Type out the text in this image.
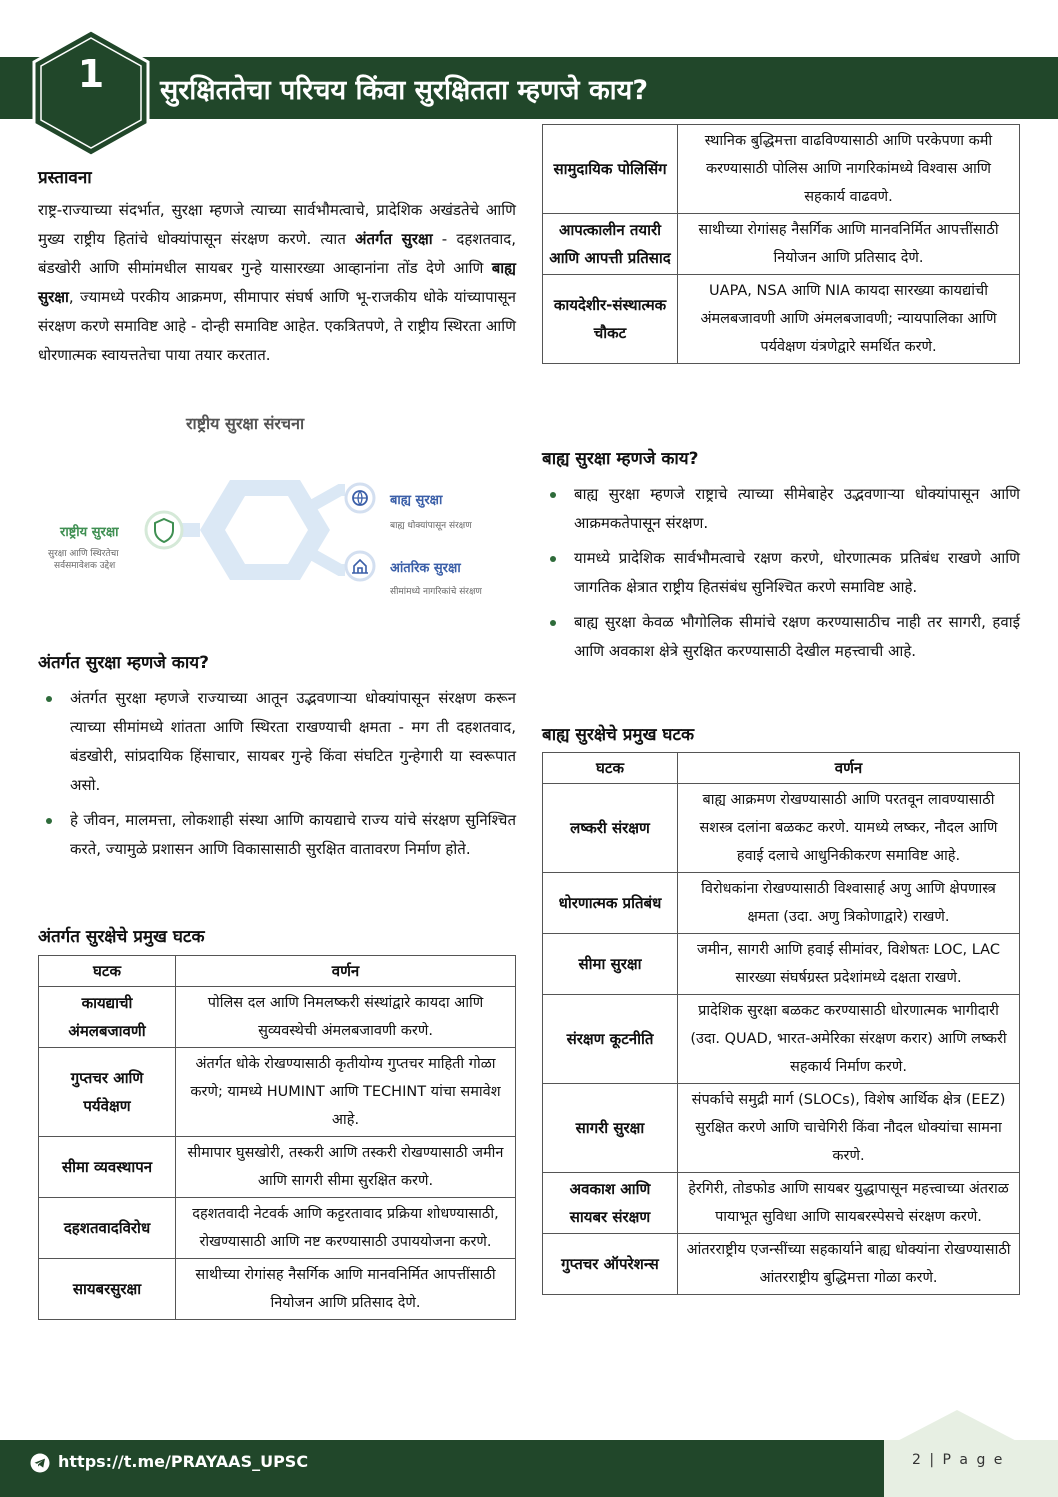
1	सुरक्षिततेचा परिचय किंवा सुरक्षितता म्हणजे काय?
प्रस्तावना
राष्ट्र-राज्याच्या संदर्भात, सुरक्षा म्हणजे त्याच्या सार्वभौमत्वाचे, प्रादेशिक अखंडतेचे आणि मुख्य राष्ट्रीय हितांचे धोक्यांपासून संरक्षण करणे. त्यात अंतर्गत सुरक्षा - दहशतवाद, बंडखोरी आणि सीमांमधील सायबर गुन्हे यासारख्या आव्हानांना तोंड देणे आणि बाह्य सुरक्षा, ज्यामध्ये परकीय आक्रमण, सीमापार संघर्ष आणि भू-राजकीय धोके यांच्यापासून संरक्षण करणे समाविष्ट आहे - दोन्ही समाविष्ट आहेत. एकत्रितपणे, ते राष्ट्रीय स्थिरता आणि धोरणात्मक स्वायत्ततेचा पाया तयार करतात.
राष्ट्रीय सुरक्षा संरचना
राष्ट्रीय सुरक्षा
सुरक्षा आणि स्थिरतेचा
सर्वसमावेशक उद्देश
बाह्य सुरक्षा
बाह्य धोक्यांपासून संरक्षण
आंतरिक सुरक्षा
सीमांमध्ये नागरिकांचे संरक्षण
अंतर्गत सुरक्षा म्हणजे काय?
अंतर्गत सुरक्षा म्हणजे राज्याच्या आतून उद्भवणाऱ्या धोक्यांपासून संरक्षण करून त्याच्या सीमांमध्ये शांतता आणि स्थिरता राखण्याची क्षमता - मग ती दहशतवाद, बंडखोरी, सांप्रदायिक हिंसाचार, सायबर गुन्हे किंवा संघटित गुन्हेगारी या स्वरूपात असो.
हे जीवन, मालमत्ता, लोकशाही संस्था आणि कायद्याचे राज्य यांचे संरक्षण सुनिश्चित करते, ज्यामुळे प्रशासन आणि विकासासाठी सुरक्षित वातावरण निर्माण होते.
अंतर्गत सुरक्षेचे प्रमुख घटक
घटक	वर्णन
कायद्याची अंमलबजावणी	पोलिस दल आणि निमलष्करी संस्थांद्वारे कायदा आणि सुव्यवस्थेची अंमलबजावणी करणे.
गुप्तचर आणि पर्यवेक्षण	अंतर्गत धोके रोखण्यासाठी कृतीयोग्य गुप्तचर माहिती गोळा करणे; यामध्ये HUMINT आणि TECHINT यांचा समावेश आहे.
सीमा व्यवस्थापन	सीमापार घुसखोरी, तस्करी आणि तस्करी रोखण्यासाठी जमीन आणि सागरी सीमा सुरक्षित करणे.
दहशतवादविरोध	दहशतवादी नेटवर्क आणि कट्टरतावाद प्रक्रिया शोधण्यासाठी, रोखण्यासाठी आणि नष्ट करण्यासाठी उपाययोजना करणे.
सायबरसुरक्षा	साथीच्या रोगांसह नैसर्गिक आणि मानवनिर्मित आपत्तींसाठी नियोजन आणि प्रतिसाद देणे.
सामुदायिक पोलिसिंग	स्थानिक बुद्धिमत्ता वाढविण्यासाठी आणि परकेपणा कमी करण्यासाठी पोलिस आणि नागरिकांमध्ये विश्वास आणि सहकार्य वाढवणे.
आपत्कालीन तयारी आणि आपत्ती प्रतिसाद	साथीच्या रोगांसह नैसर्गिक आणि मानवनिर्मित आपत्तींसाठी नियोजन आणि प्रतिसाद देणे.
कायदेशीर-संस्थात्मक चौकट	UAPA, NSA आणि NIA कायदा सारख्या कायद्यांची अंमलबजावणी आणि अंमलबजावणी; न्यायपालिका आणि पर्यवेक्षण यंत्रणेद्वारे समर्थित करणे.
बाह्य सुरक्षा म्हणजे काय?
बाह्य सुरक्षा म्हणजे राष्ट्राचे त्याच्या सीमेबाहेर उद्भवणाऱ्या धोक्यांपासून आणि आक्रमकतेपासून संरक्षण.
यामध्ये प्रादेशिक सार्वभौमत्वाचे रक्षण करणे, धोरणात्मक प्रतिबंध राखणे आणि जागतिक क्षेत्रात राष्ट्रीय हितसंबंध सुनिश्चित करणे समाविष्ट आहे.
बाह्य सुरक्षा केवळ भौगोलिक सीमांचे रक्षण करण्यासाठीच नाही तर सागरी, हवाई आणि अवकाश क्षेत्रे सुरक्षित करण्यासाठी देखील महत्त्वाची आहे.
बाह्य सुरक्षेचे प्रमुख घटक
घटक	वर्णन
लष्करी संरक्षण	बाह्य आक्रमण रोखण्यासाठी आणि परतवून लावण्यासाठी सशस्त्र दलांना बळकट करणे. यामध्ये लष्कर, नौदल आणि हवाई दलाचे आधुनिकीकरण समाविष्ट आहे.
धोरणात्मक प्रतिबंध	विरोधकांना रोखण्यासाठी विश्वासार्ह अणु आणि क्षेपणास्त्र क्षमता (उदा. अणु त्रिकोणाद्वारे) राखणे.
सीमा सुरक्षा	जमीन, सागरी आणि हवाई सीमांवर, विशेषतः LOC, LAC सारख्या संघर्षग्रस्त प्रदेशांमध्ये दक्षता राखणे.
संरक्षण कूटनीति	प्रादेशिक सुरक्षा बळकट करण्यासाठी धोरणात्मक भागीदारी (उदा. QUAD, भारत-अमेरिका संरक्षण करार) आणि लष्करी सहकार्य निर्माण करणे.
सागरी सुरक्षा	संपर्काचे समुद्री मार्ग (SLOCs), विशेष आर्थिक क्षेत्र (EEZ) सुरक्षित करणे आणि चाचेगिरी किंवा नौदल धोक्यांचा सामना करणे.
अवकाश आणि सायबर संरक्षण	हेरगिरी, तोडफोड आणि सायबर युद्धापासून महत्त्वाच्या अंतराळ पायाभूत सुविधा आणि सायबरस्पेसचे संरक्षण करणे.
गुप्तचर ऑपरेशन्स	आंतरराष्ट्रीय एजन्सींच्या सहकार्याने बाह्य धोक्यांना रोखण्यासाठी आंतरराष्ट्रीय बुद्धिमत्ता गोळा करणे.
https://t.me/PRAYAAS_UPSC	2 | P a g e
